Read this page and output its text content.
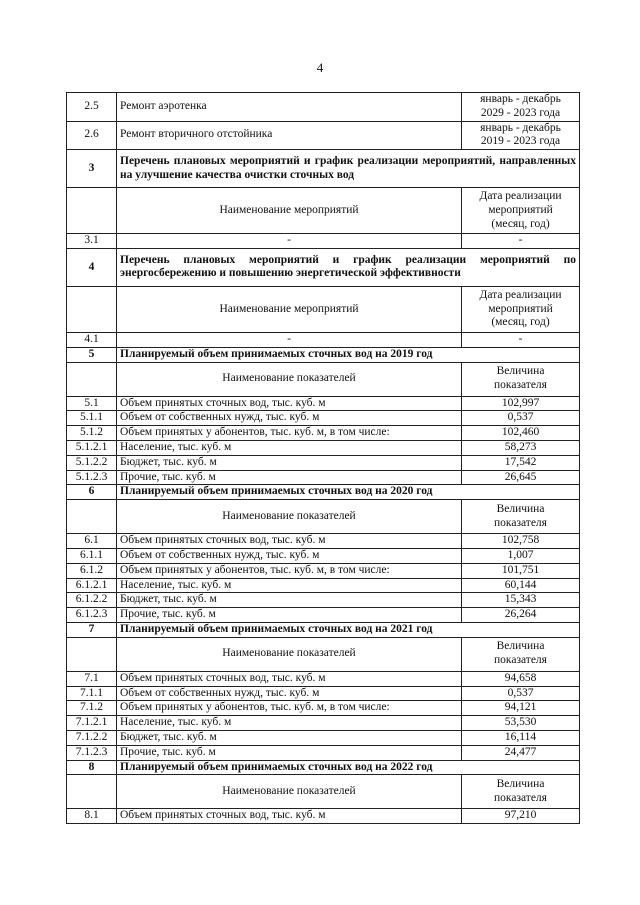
4
2.5	Ремонт аэротенка	январь - декабрь
2029 - 2023 года

2.6	Ремонт вторичного отстойника	январь - декабрь
2019 - 2023 года

3	Перечень плановых мероприятий и график реализации мероприятий, направленных на улучшение качества очистки сточных вод	
	Наименование мероприятий	Дата реализации
мероприятий
(месяц, год)

3.1	-	-
4	Перечень плановых мероприятий и график реализации мероприятий по энергосбережению и повышению энергетической эффективности	
	Наименование мероприятий	Дата реализации
мероприятий
(месяц, год)

4.1	-	-
5	Планируемый объем принимаемых сточных вод на 2019 год	
	Наименование показателей	Величина
показателя

5.1	Объем принятых сточных вод, тыс. куб. м	102,997
5.1.1	Объем от собственных нужд, тыс. куб. м	0,537
5.1.2	Объем принятых у абонентов, тыс. куб. м, в том числе:	102,460
5.1.2.1	Население, тыс. куб. м	58,273
5.1.2.2	Бюджет, тыс. куб. м	17,542
5.1.2.3	Прочие, тыс. куб. м	26,645
6	Планируемый объем принимаемых сточных вод на 2020 год	
	Наименование показателей	Величина
показателя

6.1	Объем принятых сточных вод, тыс. куб. м	102,758
6.1.1	Объем от собственных нужд, тыс. куб. м	1,007
6.1.2	Объем принятых у абонентов, тыс. куб. м, в том числе:	101,751
6.1.2.1	Население, тыс. куб. м	60,144
6.1.2.2	Бюджет, тыс. куб. м	15,343
6.1.2.3	Прочие, тыс. куб. м	26,264
7	Планируемый объем принимаемых сточных вод на 2021 год	
	Наименование показателей	Величина
показателя

7.1	Объем принятых сточных вод, тыс. куб. м	94,658
7.1.1	Объем от собственных нужд, тыс. куб. м	0,537
7.1.2	Объем принятых у абонентов, тыс. куб. м, в том числе:	94,121
7.1.2.1	Население, тыс. куб. м	53,530
7.1.2.2	Бюджет, тыс. куб. м	16,114
7.1.2.3	Прочие, тыс. куб. м	24,477
8	Планируемый объем принимаемых сточных вод на 2022 год	
	Наименование показателей	Величина
показателя

8.1	Объем принятых сточных вод, тыс. куб. м	97,210
